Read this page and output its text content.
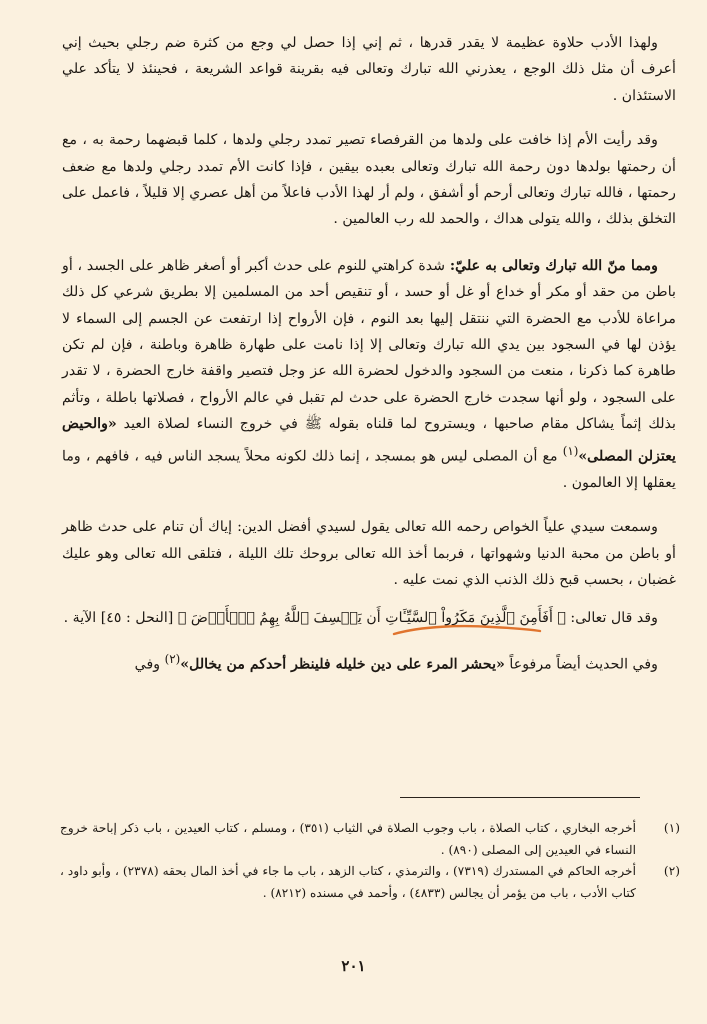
ولهذا الأدب حلاوة عظيمة لا يقدر قدرها ، ثم إني إذا حصل لي وجع من كثرة ضم رجلي بحيث إني أعرف أن مثل ذلك الوجع ، يعذرني الله تبارك وتعالى فيه بقرينة قواعد الشريعة ، فحينئذ لا يتأكد علي الاستئذان .

وقد رأيت الأم إذا خافت على ولدها من القرفصاء تصير تمدد رجلي ولدها ، كلما قبضهما رحمة به ، مع أن رحمتها بولدها دون رحمة الله تبارك وتعالى بعبده بيقين ، فإذا كانت الأم تمدد رجلي ولدها مع ضعف رحمتها ، فالله تبارك وتعالى أرحم أو أشفق ، ولم أر لهذا الأدب فاعلاً من أهل عصري إلا قليلاً ، فاعمل على التخلق بذلك ، والله يتولى هداك ، والحمد لله رب العالمين .

ومما منّ الله تبارك وتعالى به عليّ: شدة كراهتي للنوم على حدث أكبر أو أصغر ظاهر على الجسد ، أو باطن من حقد أو مكر أو خداع أو غل أو حسد ، أو تنقيص أحد من المسلمين إلا بطريق شرعي كل ذلك مراعاة للأدب مع الحضرة التي ننتقل إليها بعد النوم ، فإن الأرواح إذا ارتفعت عن الجسم إلى السماء لا يؤذن لها في السجود بين يدي الله تبارك وتعالى إلا إذا نامت على طهارة ظاهرة وباطنة ، فإن لم تكن طاهرة كما ذكرنا ، منعت من السجود والدخول لحضرة الله عز وجل فتصير واقفة خارج الحضرة ، لا تقدر على السجود ، ولو أنها سجدت خارج الحضرة على حدث لم تقبل في عالم الأرواح ، فصلاتها باطلة ، وتأثم بذلك إثماً يشاكل مقام صاحبها ، ويستروح لما قلناه بقوله ﷺ في خروج النساء لصلاة العيد «والحيض يعتزلن المصلى»$^{(١)}$ مع أن المصلى ليس هو بمسجد ، إنما ذلك لكونه محلاً يسجد الناس فيه ، فافهم ، وما يعقلها إلا العالمون .

وسمعت سيدي علياً الخواص رحمه الله تعالى يقول لسيدي أفضل الدين: إياك أن تنام على حدث ظاهر أو باطن من محبة الدنيا وشهواتها ، فربما أخذ الله تعالى بروحك تلك الليلة ، فتلقى الله تعالى وهو عليك غضبان ، بحسب قبح ذلك الذنب الذي نمت عليه .

وقد قال تعالى: ﴿ أَفَأَمِنَ ٱلَّذِينَ مَكَرُواْ ٱلسَّيِّـَٔاتِ أَن يَخۡسِفَ ٱللَّهُ بِهِمُ ٱلۡأَرۡضَ ﴾ [النحل : ٤٥] الآية .

وفي الحديث أيضاً مرفوعاً «يحشر المرء على دين خليله فلينظر أحدكم من يخالل»$^{(٢)}$ وفي

(١)
أخرجه البخاري ، كتاب الصلاة ، باب وجوب الصلاة في الثياب (٣٥١) ، ومسلم ، كتاب العيدين ، باب ذكر إباحة خروج النساء في العيدين إلى المصلى (٨٩٠) .
(٢)
أخرجه الحاكم في المستدرك (٧٣١٩) ، والترمذي ، كتاب الزهد ، باب ما جاء في أخذ المال بحقه (٢٣٧٨) ، وأبو داود ، كتاب الأدب ، باب من يؤمر أن يجالس (٤٨٣٣) ، وأحمد في مسنده (٨٢١٢) .
٢٠١
